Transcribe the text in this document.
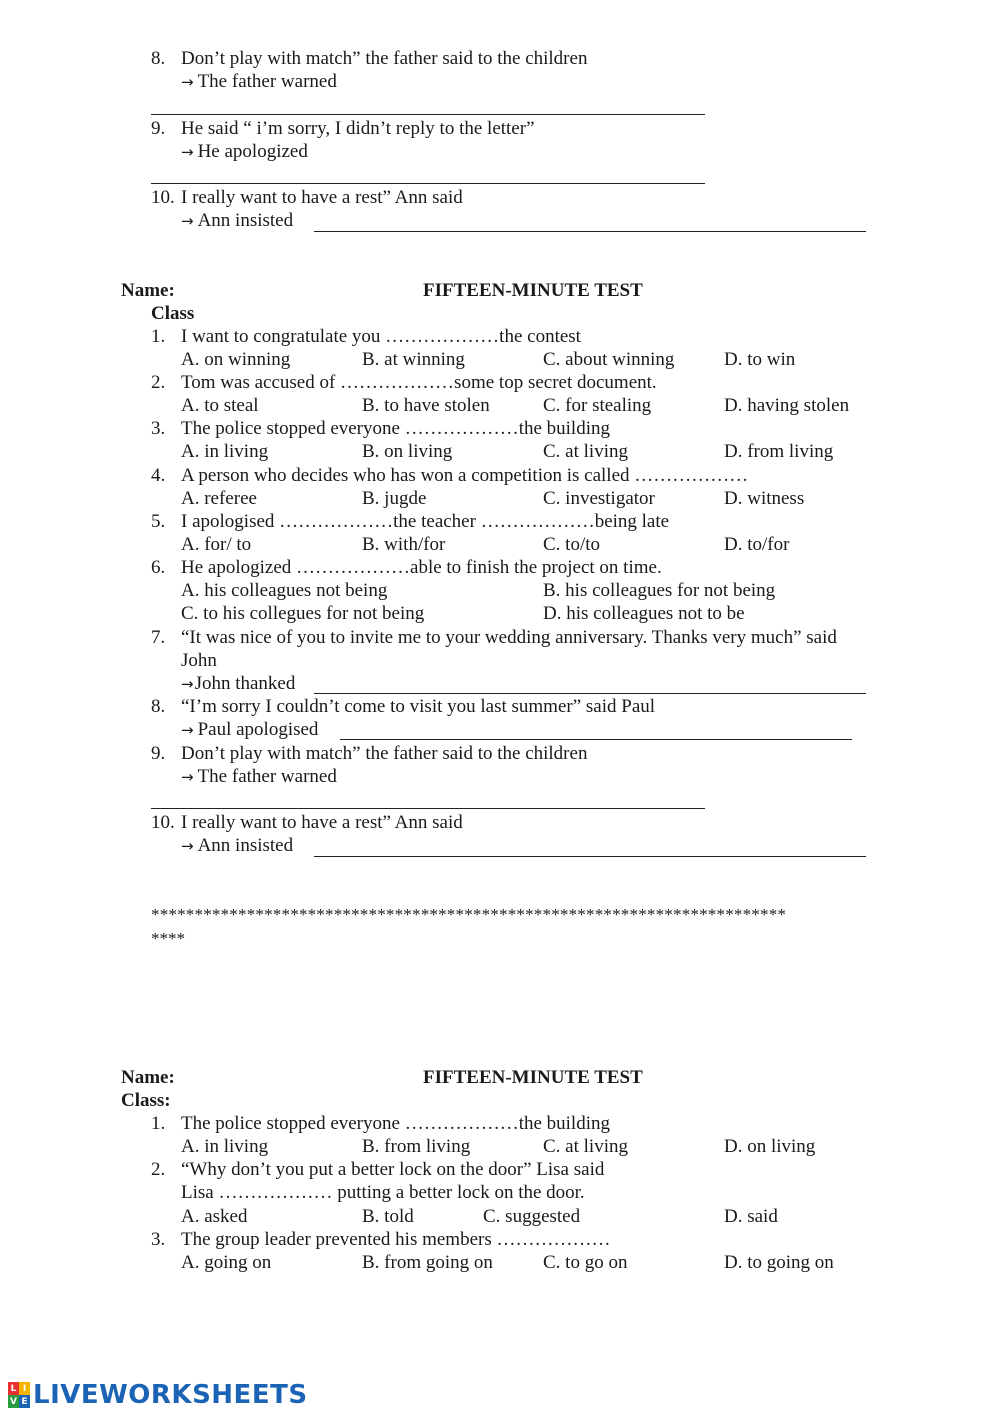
8. Don’t play with match” the father said to the children
→ The father warned
9. He said “ i’m sorry, I didn’t reply to the letter”
→ He apologized
10. I really want to have a rest” Ann said
→ Ann insisted
Name:	FIFTEEN-MINUTE TEST
Class
1. I want to congratulate you ………………the contest
A. on winning	B. at winning	C. about winning	D. to win
2. Tom was accused of ………………some top secret document.
A. to steal	B. to have stolen	C. for stealing	D. having stolen
3. The police stopped everyone ………………the building
A. in living	B. on living	C. at living	D. from living
4. A person who decides who has won a competition is called ………………
A. referee	B. jugde	C. investigator	D. witness
5. I apologised ………………the teacher ………………being late
A. for/ to	B. with/for	C. to/to	D. to/for
6. He apologized ………………able to finish the project on time.
A. his colleagues not being	B. his colleagues for not being
C. to his collegues for not being	D. his colleagues not to be
7. “It was nice of you to invite me to your wedding anniversary. Thanks very much” said
John
→John thanked
8. “I’m sorry I couldn’t come to visit you last summer” said Paul
→ Paul apologised
9. Don’t play with match” the father said to the children
→ The father warned
10. I really want to have a rest” Ann said
→ Ann insisted
*************************************************************************
****
Name:	FIFTEEN-MINUTE TEST
Class:
1. The police stopped everyone ………………the building
A. in living	B. from living	C. at living	D. on living
2. “Why don’t you put a better lock on the door” Lisa said
Lisa ……………… putting a better lock on the door.
A. asked	B. told	C. suggested	D. said
3. The group leader prevented his members ………………
A. going on	B. from going on	C. to go on	D. to going on
L I
V E LIVEWORKSHEETS
